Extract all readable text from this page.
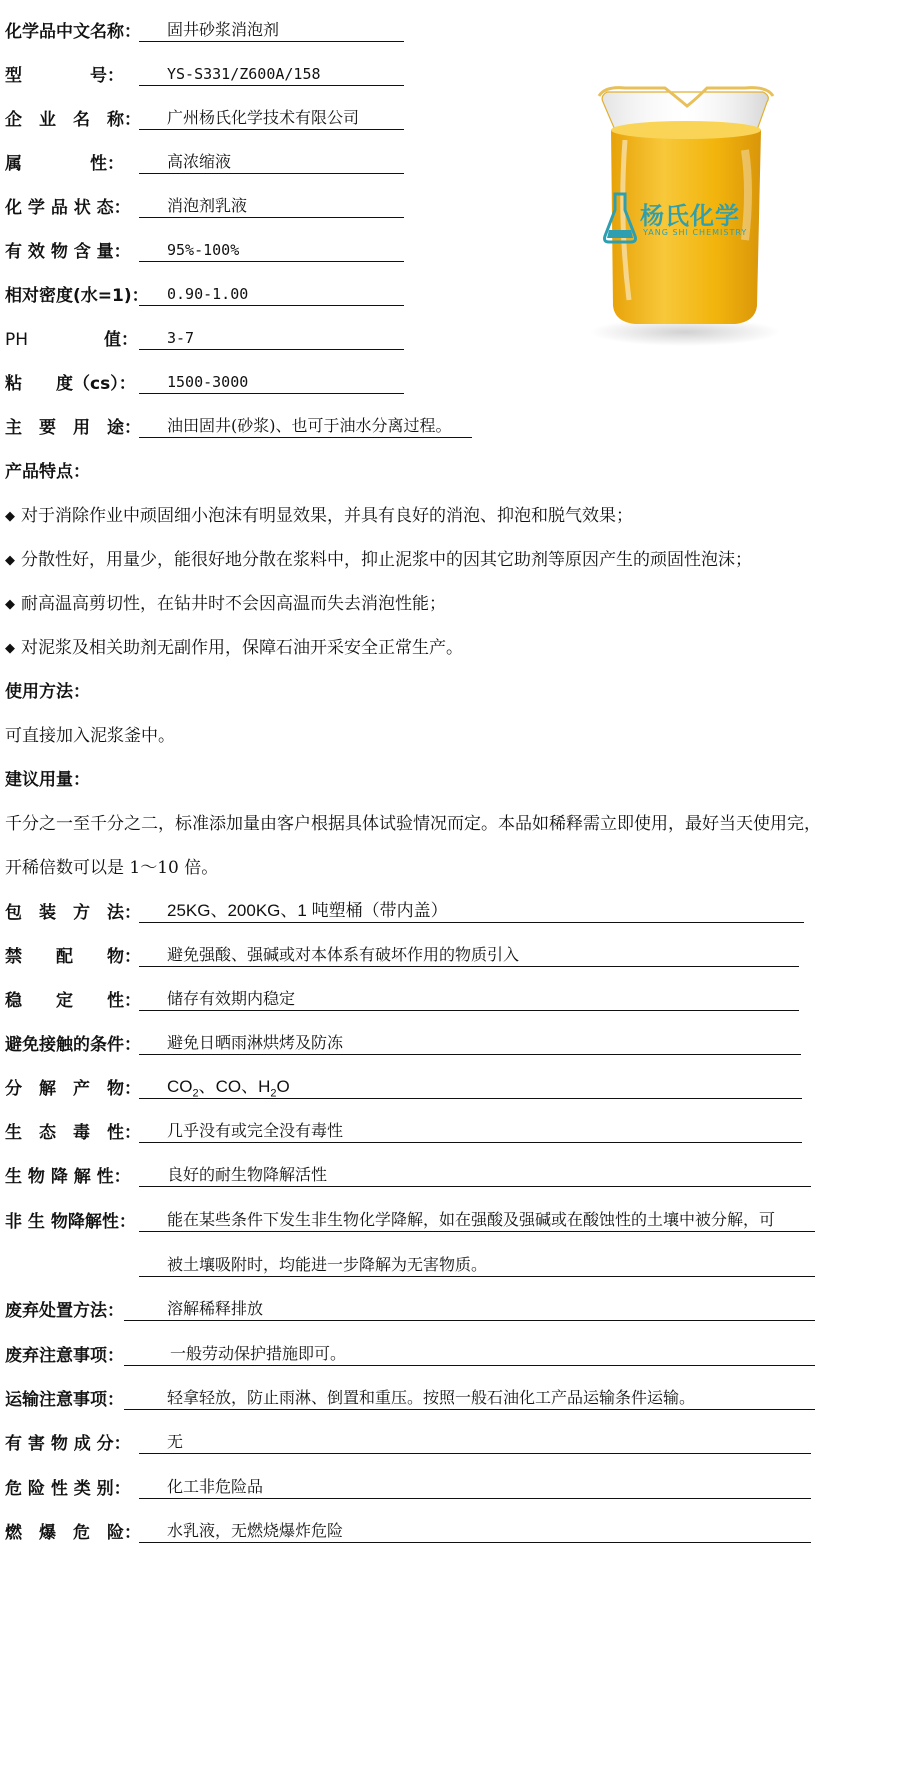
化学品中文名称：	固井砂浆消泡剂
型　　　　号：	YS-S331/Z600A/158
企　业　名　称：	广州杨氏化学技术有限公司
属　　　　性：	高浓缩液
化 学 品 状 态：	消泡剂乳液
有 效 物 含 量：	95%-100%
相对密度(水=1)：	0.90-1.00
PH	值：	3-7
粘　　度（cs）：	1500-3000
主　要　用　途：	油田固井(砂浆)、也可于油水分离过程。
杨氏化学
YANG SHI CHEMISTRY
产品特点：
◆ 对于消除作业中顽固细小泡沫有明显效果，并具有良好的消泡、抑泡和脱气效果；
◆ 分散性好，用量少，能很好地分散在浆料中，抑止泥浆中的因其它助剂等原因产生的顽固性泡沫；
◆ 耐高温高剪切性，在钻井时不会因高温而失去消泡性能；
◆ 对泥浆及相关助剂无副作用，保障石油开采安全正常生产。
使用方法：
可直接加入泥浆釜中。
建议用量：
千分之一至千分之二，标准添加量由客户根据具体试验情况而定。本品如稀释需立即使用，最好当天使用完，
开稀倍数可以是 1～10 倍。
包　装　方　法：	25KG、200KG、1 吨塑桶（带内盖）
禁　　配　　物：	避免强酸、强碱或对本体系有破坏作用的物质引入
稳　　定　　性：	储存有效期内稳定
避免接触的条件：	避免日晒雨淋烘烤及防冻
分　解　产　物：	$CO_2$、CO、$H_2O$
生　态　毒　性：	几乎没有或完全没有毒性
生 物 降 解 性：	良好的耐生物降解活性
非 生 物降解性：	能在某些条件下发生非生物化学降解，如在强酸及强碱或在酸蚀性的土壤中被分解，可
被土壤吸附时，均能进一步降解为无害物质。
废弃处置方法：	溶解稀释排放
废弃注意事项：	一般劳动保护措施即可。
运输注意事项：	轻拿轻放，防止雨淋、倒置和重压。按照一般石油化工产品运输条件运输。
有 害 物 成 分：	无
危 险 性 类 别：	化工非危险品
燃　爆　危　险：	水乳液，无燃烧爆炸危险
